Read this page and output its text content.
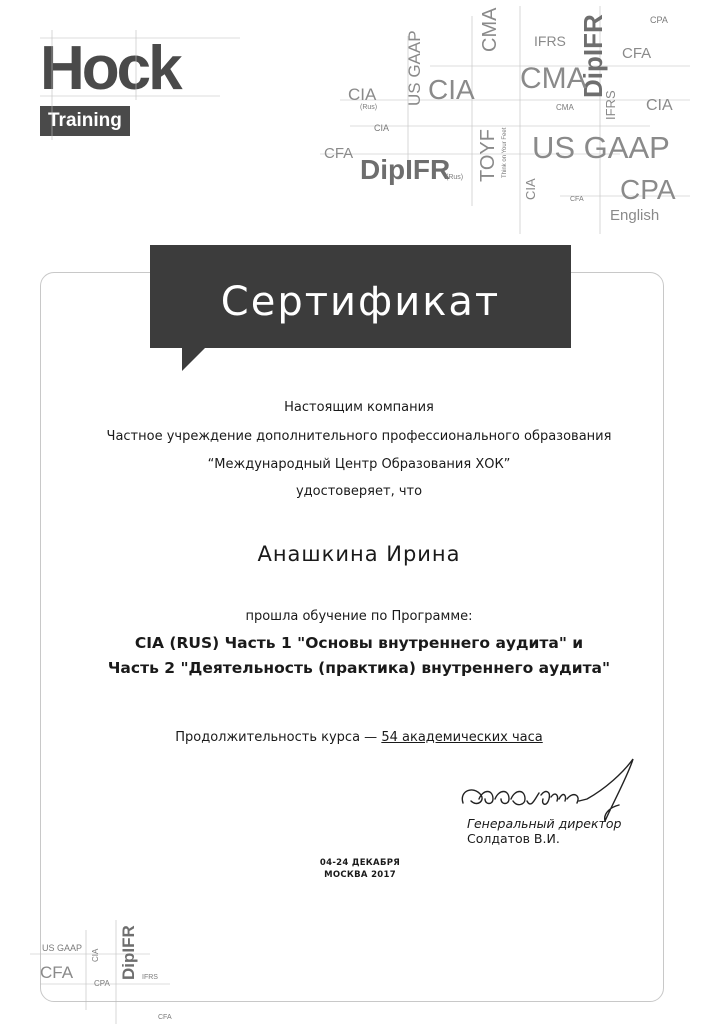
Hock
Training
CMA IFRS DipIFR	CPA
CFA
US GAAP CIA CMA
CIA
(Rus)
CIA
CMA IFRS CIA
CFA
DipIFR
(Rus) TOYF Think on Your Feet US GAAP
CIA	CFA CPA
English
Сертификат
Настоящим компания
Частное учреждение дополнительного профессионального образования
“Международный Центр Образования ХОК”
удостоверяет, что
Анашкина Ирина
прошла обучение по Программе:
CIA (RUS) Часть 1 "Основы внутреннего аудита" и
Часть 2 "Деятельность (практика) внутреннего аудита"
Продолжительность курса — 54 академических часа
Генеральный директор
Солдатов В.И.
04-24 ДЕКАБРЯ
МОСКВА 2017
US GAAP
CFA
CPA
DipIFR IFRS
CIA
CFA
